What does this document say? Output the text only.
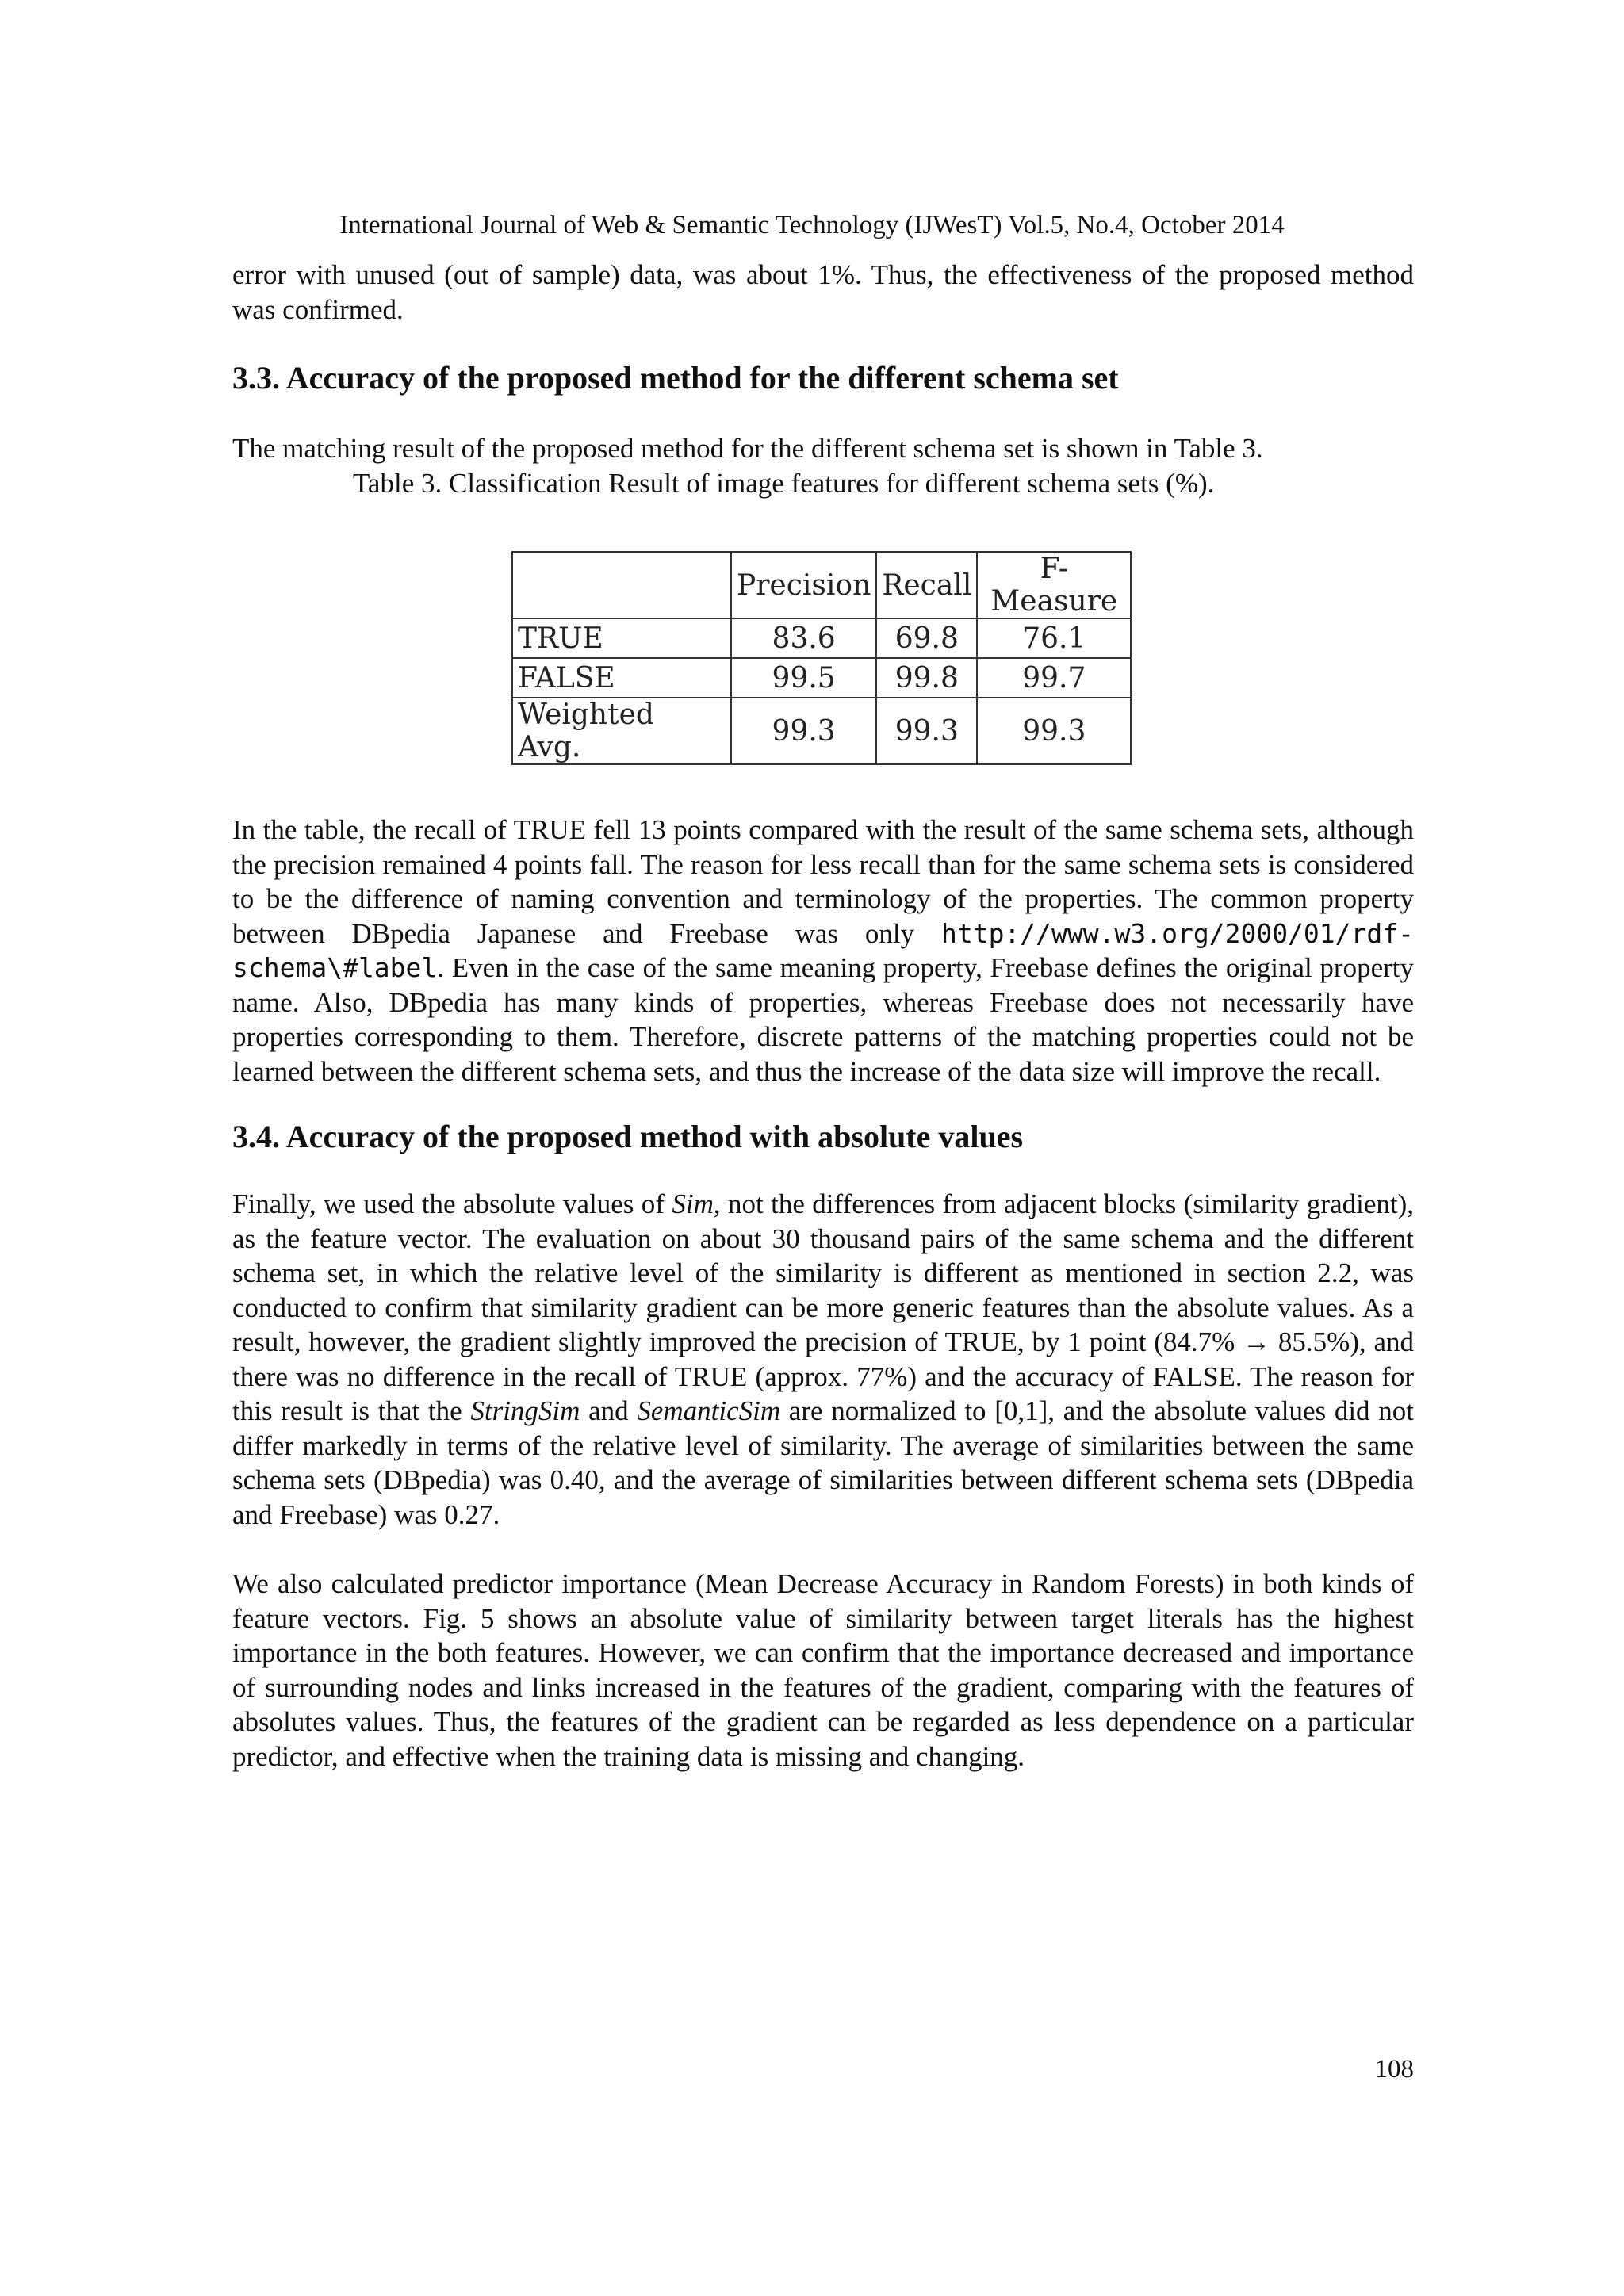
International Journal of Web & Semantic Technology (IJWesT) Vol.5, No.4, October 2014

error with unused (out of sample) data, was about 1%. Thus, the effectiveness of the proposed method was confirmed.

3.3. Accuracy of the proposed method for the different schema set

The matching result of the proposed method for the different schema set is shown in Table 3.

Table 3. Classification Result of image features for different schema sets (%).
	Precision	Recall	F-Measure
TRUE	83.6	69.8	76.1
FALSE	99.5	99.8	99.7
Weighted Avg.	99.3	99.3	99.3

In the table, the recall of TRUE fell 13 points compared with the result of the same schema sets, although the precision remained 4 points fall. The reason for less recall than for the same schema sets is considered to be the difference of naming convention and terminology of the properties. The common property between DBpedia Japanese and Freebase was only http://www.w3.org/2000/01/rdf-schema\#label. Even in the case of the same meaning property, Freebase defines the original property name. Also, DBpedia has many kinds of properties, whereas Freebase does not necessarily have properties corresponding to them. Therefore, discrete patterns of the matching properties could not be learned between the different schema sets, and thus the increase of the data size will improve the recall.

3.4. Accuracy of the proposed method with absolute values

Finally, we used the absolute values of Sim, not the differences from adjacent blocks (similarity gradient), as the feature vector. The evaluation on about 30 thousand pairs of the same schema and the different schema set, in which the relative level of the similarity is different as mentioned in section 2.2, was conducted to confirm that similarity gradient can be more generic features than the absolute values. As a result, however, the gradient slightly improved the precision of TRUE, by 1 point (84.7% → 85.5%), and there was no difference in the recall of TRUE (approx. 77%) and the accuracy of FALSE. The reason for this result is that the StringSim and SemanticSim are normalized to [0,1], and the absolute values did not differ markedly in terms of the relative level of similarity. The average of similarities between the same schema sets (DBpedia) was 0.40, and the average of similarities between different schema sets (DBpedia and Freebase) was 0.27.

We also calculated predictor importance (Mean Decrease Accuracy in Random Forests) in both kinds of feature vectors. Fig. 5 shows an absolute value of similarity between target literals has the highest importance in the both features. However, we can confirm that the importance decreased and importance of surrounding nodes and links increased in the features of the gradient, comparing with the features of absolutes values. Thus, the features of the gradient can be regarded as less dependence on a particular predictor, and effective when the training data is missing and changing.

108
